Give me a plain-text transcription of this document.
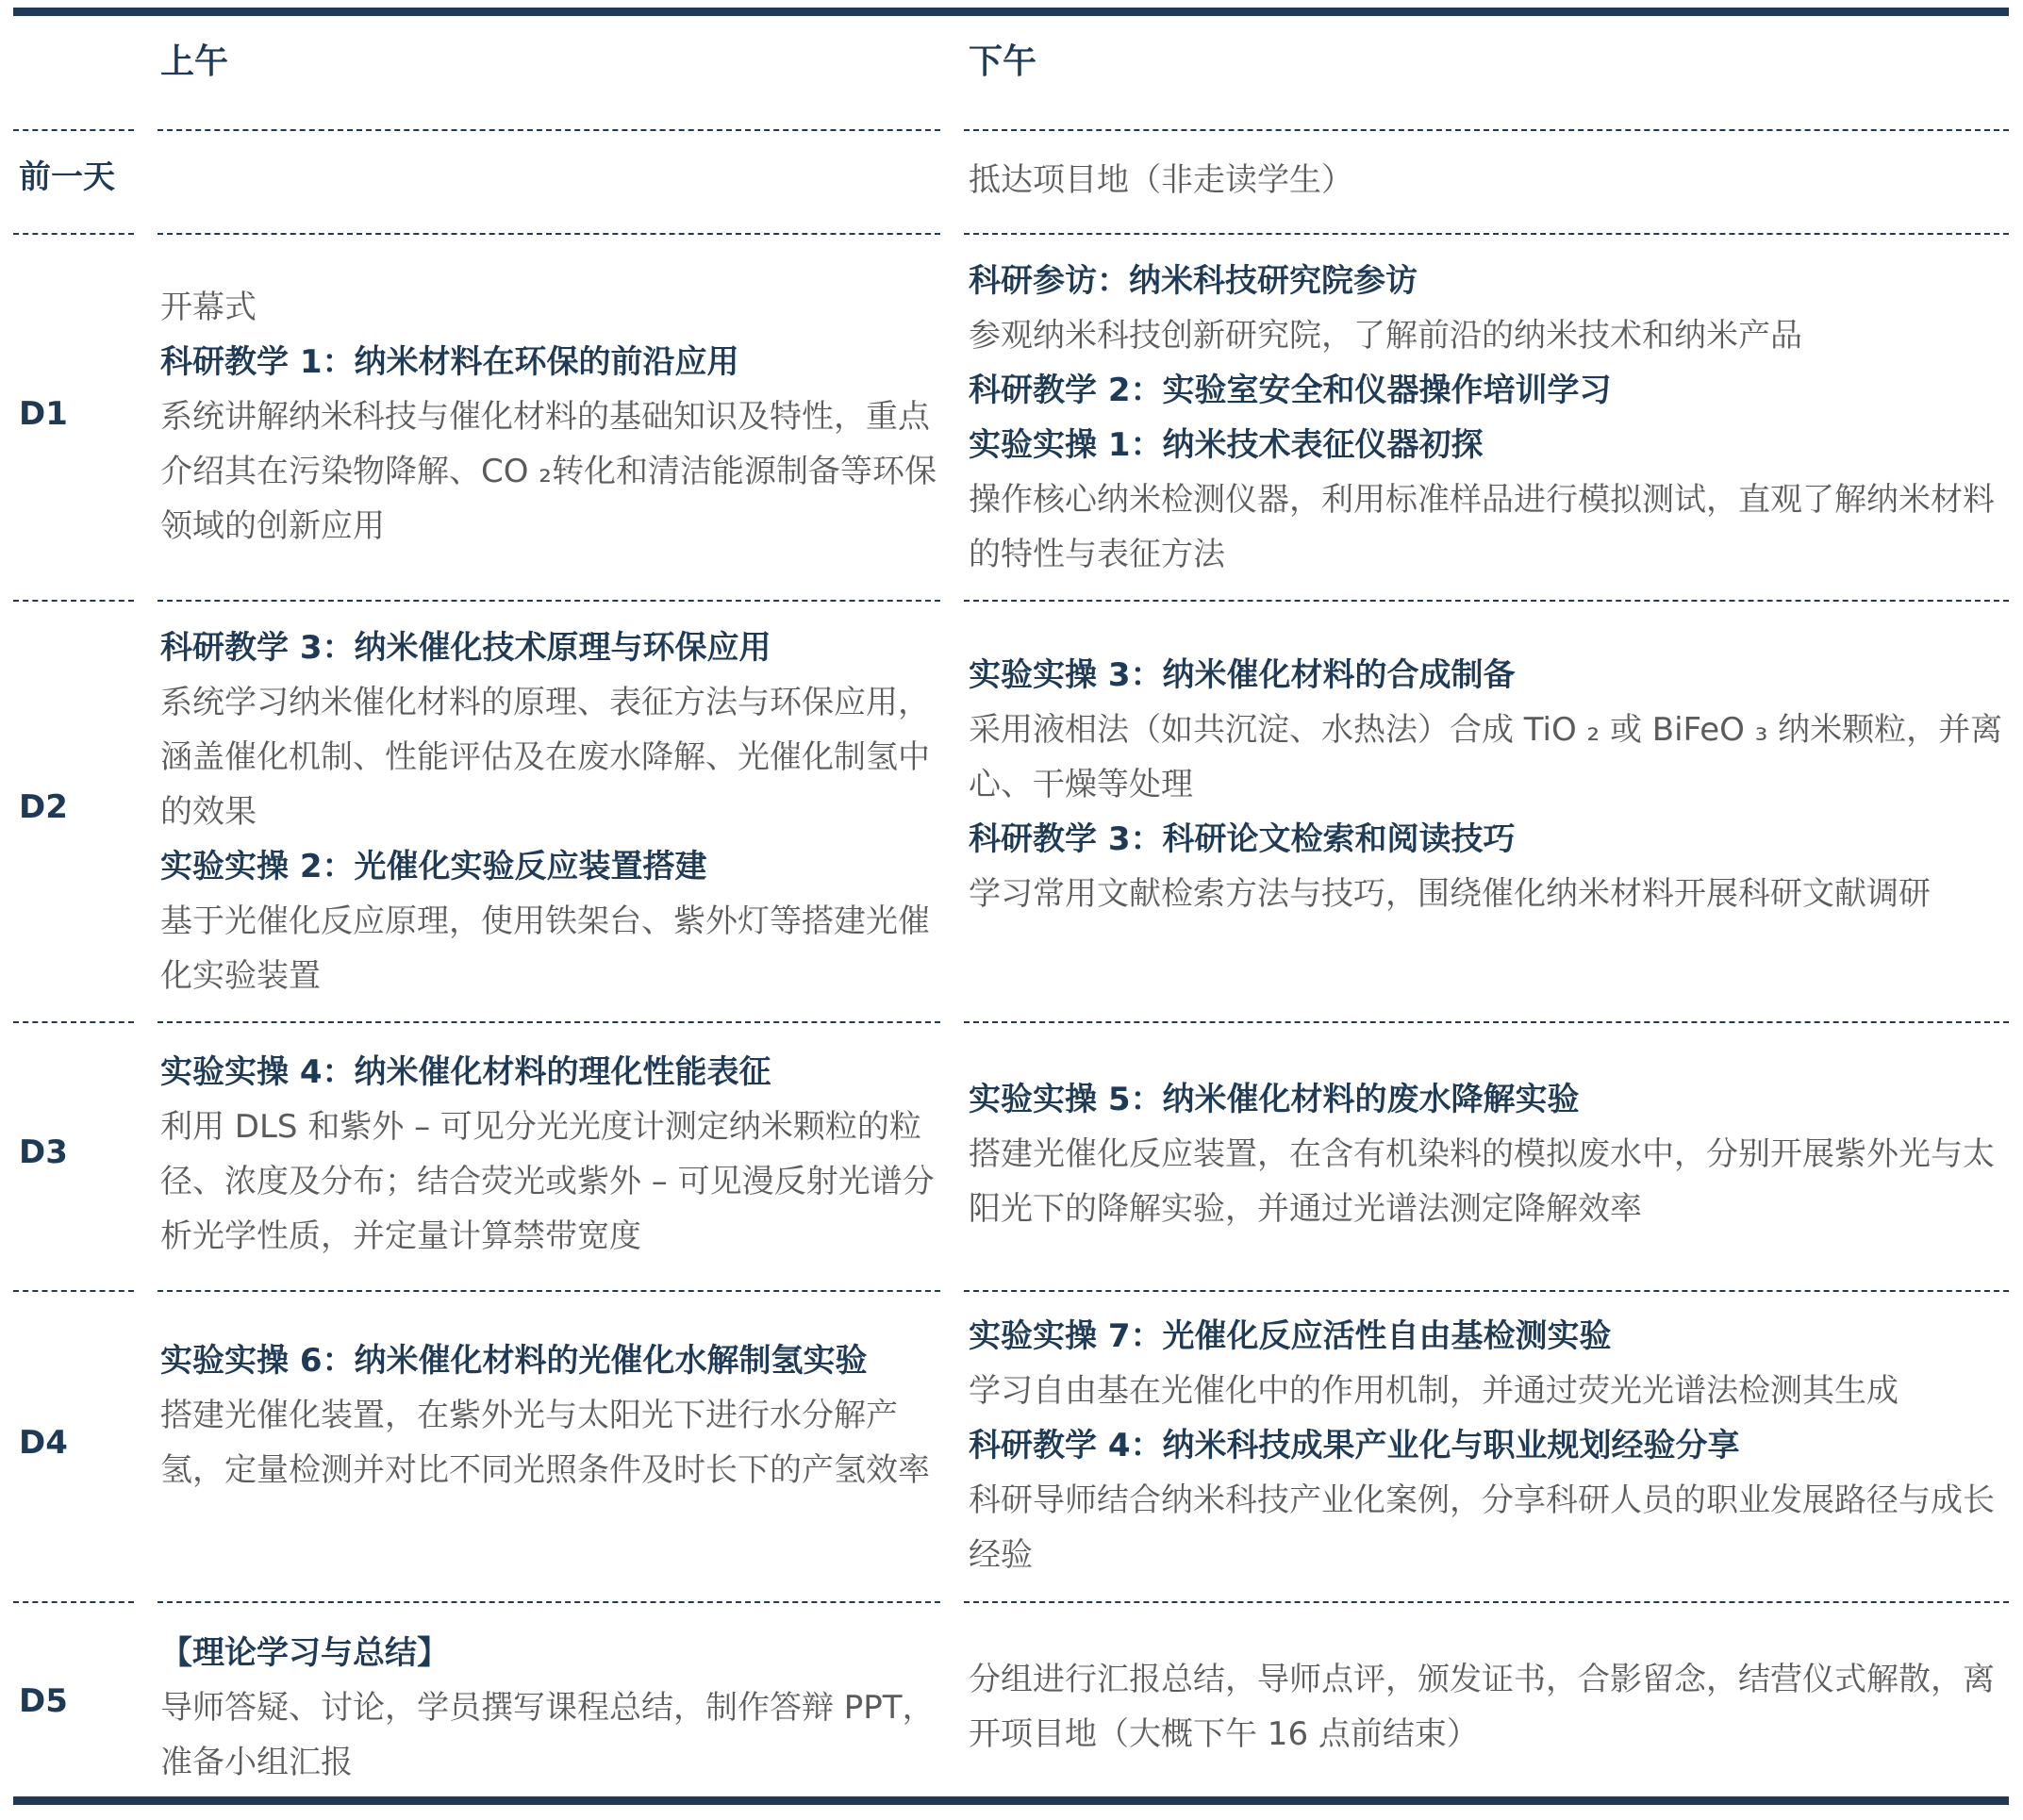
上午	下午
前一天
D1
D2
D3
D4
D5
抵达项目地（非走读学生）
开幕式
科研教学 1：纳米材料在环保的前沿应用
系统讲解纳米科技与催化材料的基础知识及特性，重点介绍其在污染物降解、CO ₂转化和清洁能源制备等环保领域的创新应用
科研参访：纳米科技研究院参访
参观纳米科技创新研究院，了解前沿的纳米技术和纳米产品
科研教学 2：实验室安全和仪器操作培训学习
实验实操 1：纳米技术表征仪器初探
操作核心纳米检测仪器，利用标准样品进行模拟测试，直观了解纳米材料的特性与表征方法
科研教学 3：纳米催化技术原理与环保应用
系统学习纳米催化材料的原理、表征方法与环保应用，涵盖催化机制、性能评估及在废水降解、光催化制氢中的效果
实验实操 2：光催化实验反应装置搭建
基于光催化反应原理，使用铁架台、紫外灯等搭建光催化实验装置
实验实操 3：纳米催化材料的合成制备
采用液相法（如共沉淀、水热法）合成 TiO ₂ 或 BiFeO ₃ 纳米颗粒，并离心、干燥等处理
科研教学 3：科研论文检索和阅读技巧
学习常用文献检索方法与技巧，围绕催化纳米材料开展科研文献调研
实验实操 4：纳米催化材料的理化性能表征
利用 DLS 和紫外 – 可见分光光度计测定纳米颗粒的粒径、浓度及分布；结合荧光或紫外 – 可见漫反射光谱分析光学性质，并定量计算禁带宽度
实验实操 5：纳米催化材料的废水降解实验
搭建光催化反应装置，在含有机染料的模拟废水中，分别开展紫外光与太阳光下的降解实验，并通过光谱法测定降解效率
实验实操 6：纳米催化材料的光催化水解制氢实验
搭建光催化装置，在紫外光与太阳光下进行水分解产氢，定量检测并对比不同光照条件及时长下的产氢效率
实验实操 7：光催化反应活性自由基检测实验
学习自由基在光催化中的作用机制，并通过荧光光谱法检测其生成
科研教学 4：纳米科技成果产业化与职业规划经验分享
科研导师结合纳米科技产业化案例，分享科研人员的职业发展路径与成长经验
【理论学习与总结】
导师答疑、讨论，学员撰写课程总结，制作答辩 PPT，准备小组汇报
分组进行汇报总结，导师点评，颁发证书，合影留念，结营仪式解散，离开项目地（大概下午 16 点前结束）
